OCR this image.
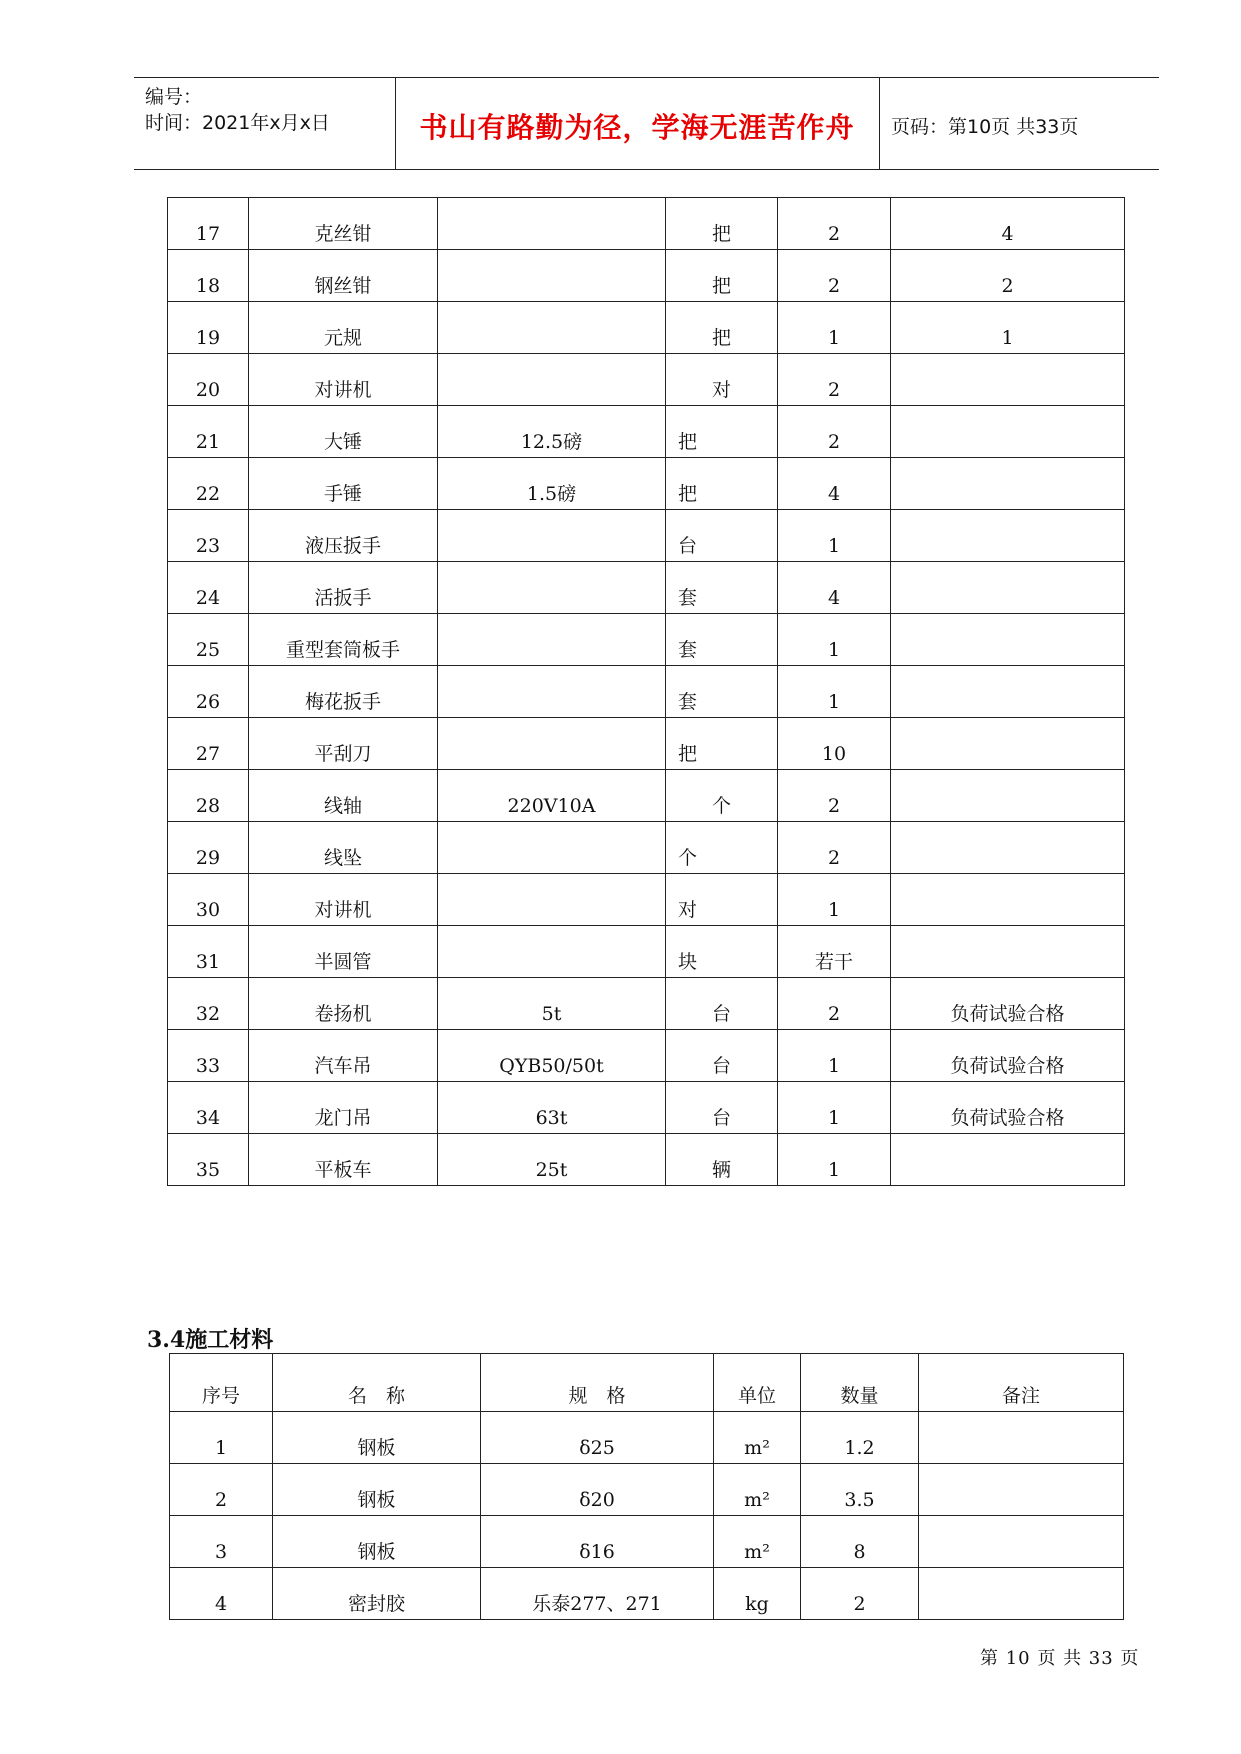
编号：
时间：2021年x月x日	书山有路勤为径，学海无涯苦作舟	页码：第10页 共33页
17	克丝钳		把	2	4
18	钢丝钳		把	2	2
19	元规		把	1	1
20	对讲机		对	2	
21	大锤	12.5磅	把	2	
22	手锤	1.5磅	把	4	
23	液压扳手		台	1	
24	活扳手		套	4	
25	重型套筒板手		套	1	
26	梅花扳手		套	1	
27	平刮刀		把	10	
28	线轴	220V10A	个	2	
29	线坠		个	2	
30	对讲机		对	1	
31	半圆管		块	若干	
32	卷扬机	5t	台	2	负荷试验合格
33	汽车吊	QYB50/50t	台	1	负荷试验合格
34	龙门吊	63t	台	1	负荷试验合格
35	平板车	25t	辆	1	
3.4施工材料
序号	名　称	规　格	单位	数量	备注
1	钢板	δ25	m²	1.2	
2	钢板	δ20	m²	3.5	
3	钢板	δ16	m²	8	
4	密封胶	乐泰277、271	kg	2	
第 10 页 共 33 页
